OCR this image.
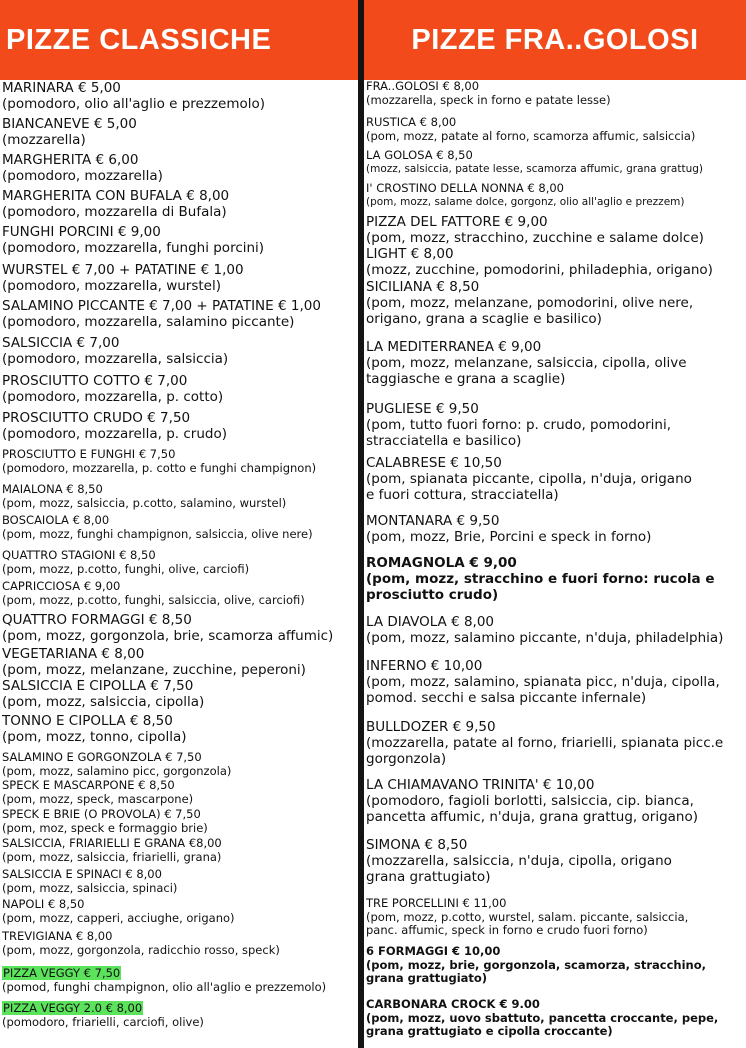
PIZZE CLASSICHE	PIZZE FRA..GOLOSI
MARINARA € 5,00
(pomodoro, olio all'aglio e prezzemolo)
BIANCANEVE € 5,00
(mozzarella)
MARGHERITA € 6,00
(pomodoro, mozzarella)
MARGHERITA CON BUFALA € 8,00
(pomodoro, mozzarella di Bufala)
FUNGHI PORCINI € 9,00
(pomodoro, mozzarella, funghi porcini)
WURSTEL € 7,00 + PATATINE € 1,00
(pomodoro, mozzarella, wurstel)
SALAMINO PICCANTE € 7,00 + PATATINE € 1,00
(pomodoro, mozzarella, salamino piccante)
SALSICCIA € 7,00
(pomodoro, mozzarella, salsiccia)
PROSCIUTTO COTTO € 7,00
(pomodoro, mozzarella, p. cotto)
PROSCIUTTO CRUDO € 7,50
(pomodoro, mozzarella, p. crudo)
PROSCIUTTO E FUNGHI € 7,50
(pomodoro, mozzarella, p. cotto e funghi champignon)
MAIALONA € 8,50
(pom, mozz, salsiccia, p.cotto, salamino, wurstel)
BOSCAIOLA € 8,00
(pom, mozz, funghi champignon, salsiccia, olive nere)
QUATTRO STAGIONI € 8,50
(pom, mozz, p.cotto, funghi, olive, carciofi)
CAPRICCIOSA € 9,00
(pom, mozz, p.cotto, funghi, salsiccia, olive, carciofi)
QUATTRO FORMAGGI € 8,50
(pom, mozz, gorgonzola, brie, scamorza affumic)
VEGETARIANA € 8,00
(pom, mozz, melanzane, zucchine, peperoni)
SALSICCIA E CIPOLLA € 7,50
(pom, mozz, salsiccia, cipolla)
TONNO E CIPOLLA € 8,50
(pom, mozz, tonno, cipolla)
SALAMINO E GORGONZOLA € 7,50
(pom, mozz, salamino picc, gorgonzola)
SPECK E MASCARPONE € 8,50
(pom, mozz, speck, mascarpone)
SPECK E BRIE (O PROVOLA) € 7,50
(pom, moz, speck e formaggio brie)
SALSICCIA, FRIARIELLI E GRANA €8,00
(pom, mozz, salsiccia, friarielli, grana)
SALSICCIA E SPINACI € 8,00
(pom, mozz, salsiccia, spinaci)
NAPOLI € 8,50
(pom, mozz, capperi, acciughe, origano)
TREVIGIANA € 8,00
(pom, mozz, gorgonzola, radicchio rosso, speck)
PIZZA VEGGY € 7,50
(pomod, funghi champignon, olio all'aglio e prezzemolo)
PIZZA VEGGY 2.0 € 8,00
(pomodoro, friarielli, carciofi, olive)
FRA..GOLOSI € 8,00
(mozzarella, speck in forno e patate lesse)
RUSTICA € 8,00
(pom, mozz, patate al forno, scamorza affumic, salsiccia)
LA GOLOSA € 8,50
(mozz, salsiccia, patate lesse, scamorza affumic, grana grattug)
I' CROSTINO DELLA NONNA € 8,00
(pom, mozz, salame dolce, gorgonz, olio all'aglio e prezzem)
PIZZA DEL FATTORE € 9,00
(pom, mozz, stracchino, zucchine e salame dolce)
LIGHT € 8,00
(mozz, zucchine, pomodorini, philadephia, origano)
SICILIANA € 8,50
(pom, mozz, melanzane, pomodorini, olive nere,
origano, grana a scaglie e basilico)
LA MEDITERRANEA € 9,00
(pom, mozz, melanzane, salsiccia, cipolla, olive
taggiasche e grana a scaglie)
PUGLIESE € 9,50
(pom, tutto fuori forno: p. crudo, pomodorini,
stracciatella e basilico)
CALABRESE € 10,50
(pom, spianata piccante, cipolla, n'duja, origano
e fuori cottura, stracciatella)
MONTANARA € 9,50
(pom, mozz, Brie, Porcini e speck in forno)
ROMAGNOLA € 9,00
(pom, mozz, stracchino e fuori forno: rucola e
prosciutto crudo)
LA DIAVOLA € 8,00
(pom, mozz, salamino piccante, n'duja, philadelphia)
INFERNO € 10,00
(pom, mozz, salamino, spianata picc, n'duja, cipolla,
pomod. secchi e salsa piccante infernale)
BULLDOZER € 9,50
(mozzarella, patate al forno, friarielli, spianata picc.e
gorgonzola)
LA CHIAMAVANO TRINITA' € 10,00
(pomodoro, fagioli borlotti, salsiccia, cip. bianca,
pancetta affumic, n'duja, grana grattug, origano)
SIMONA € 8,50
(mozzarella, salsiccia, n'duja, cipolla, origano
grana grattugiato)
TRE PORCELLINI € 11,00
(pom, mozz, p.cotto, wurstel, salam. piccante, salsiccia,
panc. affumic, speck in forno e crudo fuori forno)
6 FORMAGGI € 10,00
(pom, mozz, brie, gorgonzola, scamorza, stracchino,
grana grattugiato)
CARBONARA CROCK € 9.00
(pom, mozz, uovo sbattuto, pancetta croccante, pepe,
grana grattugiato e cipolla croccante)
